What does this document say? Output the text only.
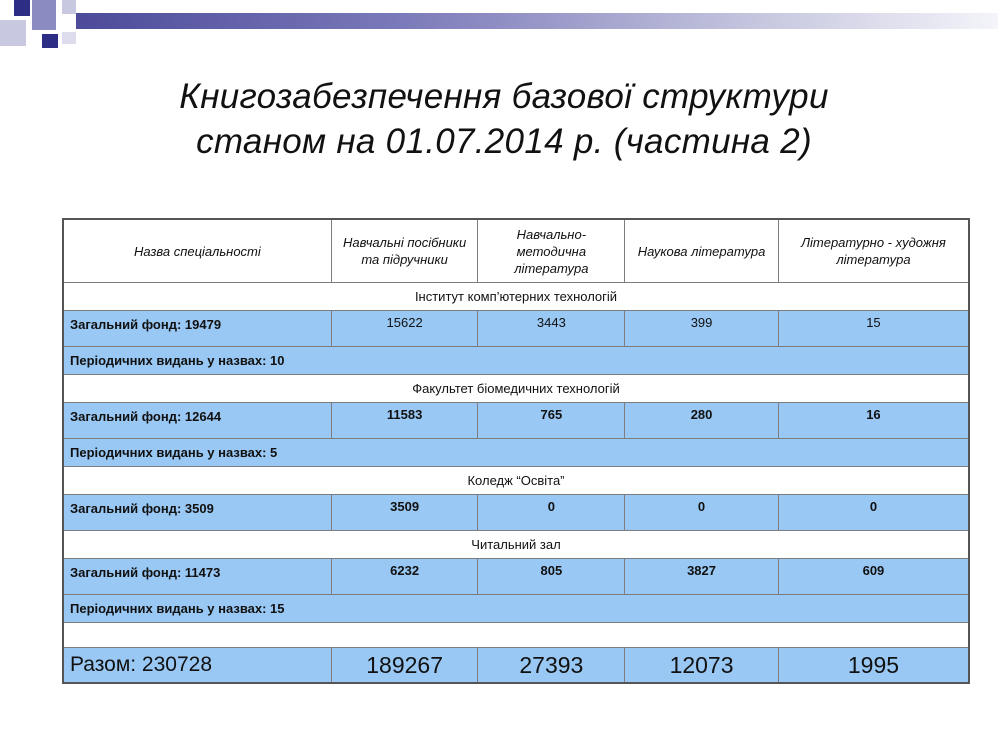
Книгозабезпечення базової структури
станом на 01.07.2014 р. (частина 2)
Назва спеціальності	Навчальні посібники та підручники	Навчально-методична література	Наукова література	Літературно - художня література
Інститут комп’ютерних технологій				
Загальний фонд: 19479	15622	3443	399	15
Періодичних видань у назвах: 10				
Факультет біомедичних технологій				
Загальний фонд: 12644	11583	765	280	16
Періодичних видань у назвах: 5				
Коледж “Освіта”				
Загальний фонд: 3509	3509	0	0	0
Читальний зал				
Загальний фонд: 11473	6232	805	3827	609
Періодичних видань у назвах: 15				

Разом: 230728	189267	27393	12073	1995
